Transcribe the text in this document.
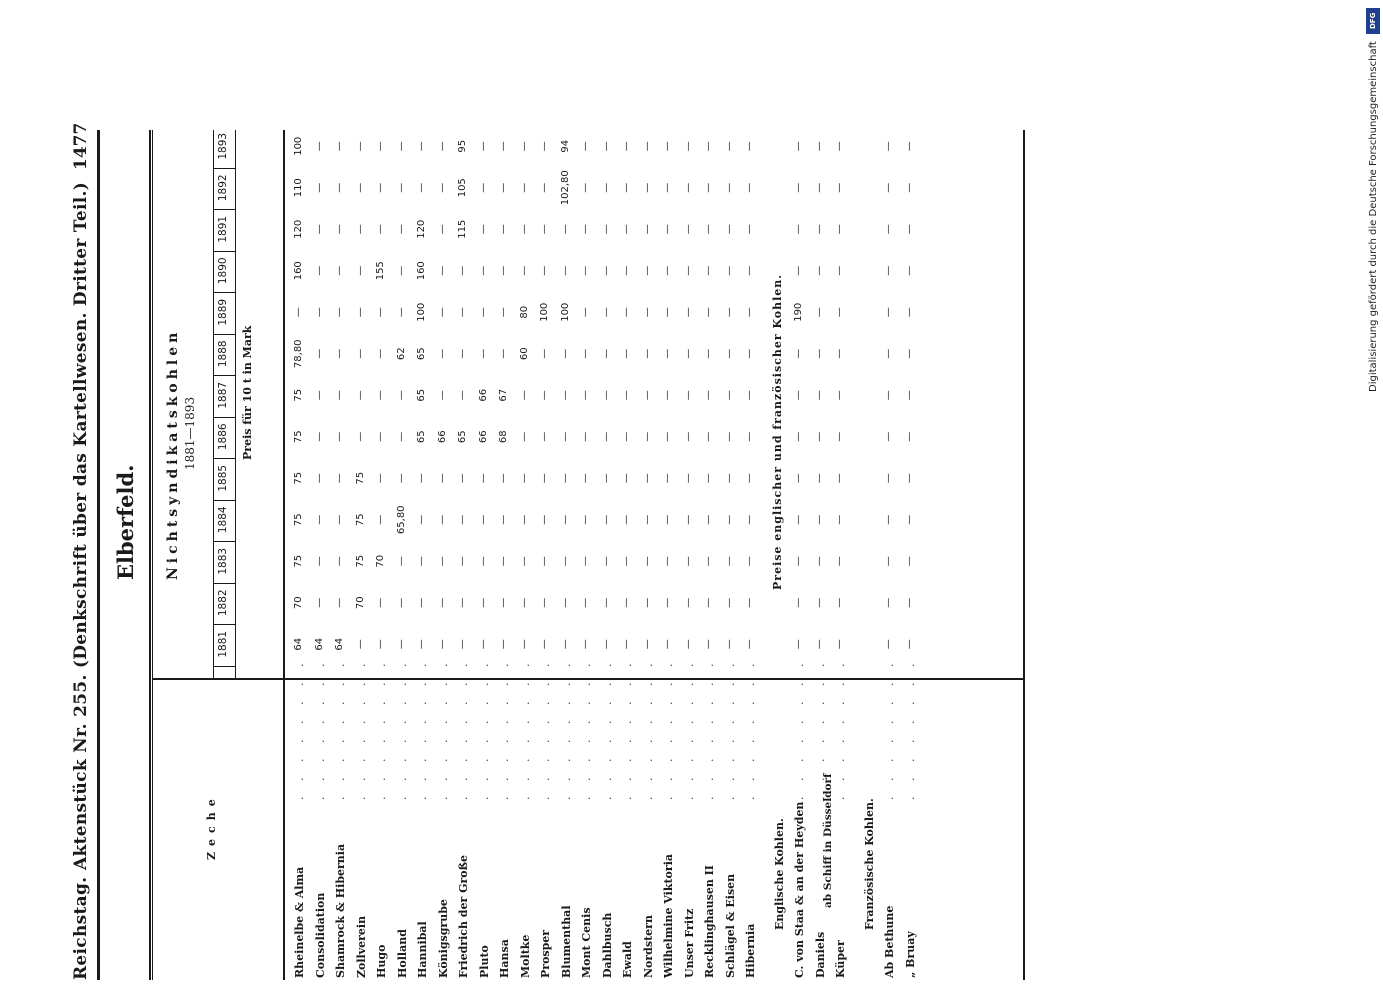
DFG
Digitalisierung gefördert durch die Deutsche Forschungsgemeinschaft
Reichstag.
Aktenstück Nr. 255. (Denkschrift über das Kartellwesen. Dritter Teil.)
1477
Elberfeld.
Zeche
Nichtsyndikatskohlen 1881—1893	Preis für 10 t in Mark
1881
1882
1883
1884
1885
1886
1887
1888
1889
1890
1891
1892
1893
Rheinelbe & Alma
. . . . . . . .
64
70
75
75
75
75
75
78,80
—
160
120
110
100
Consolidation
. . . . . . . .
64
—
—
—
—
—
—
—
—
—
—
—
—
Shamrock & Hibernia
. . . . . . . .
64
—
—
—
—
—
—
—
—
—
—
—
—
Zollverein
. . . . . . . .
—
70
75
75
75
—
—
—
—
—
—
—
—
Hugo
. . . . . . . .
—
—
70
—
—
—
—
—
—
155
—
—
—
Holland
. . . . . . . .
—
—
—
65,80
—
—
—
62
—
—
—
—
—
Hannibal
. . . . . . . .
—
—
—
—
—
65
65
65
100
160
120
—
—
Königsgrube
. . . . . . . .
—
—
—
—
—
66
—
—
—
—
—
—
—
Friedrich der Große
. . . . . . . .
—
—
—
—
—
65
—
—
—
—
115
105
95
Pluto
. . . . . . . .
—
—
—
—
—
66
66
—
—
—
—
—
—
Hansa
. . . . . . . .
—
—
—
—
—
68
67
—
—
—
—
—
—
Moltke
. . . . . . . .
—
—
—
—
—
—
—
60
80
—
—
—
—
Prosper
. . . . . . . .
—
—
—
—
—
—
—
—
100
—
—
—
—
Blumenthal
. . . . . . . .
—
—
—
—
—
—
—
—
100
—
—
102,80
94
Mont Cenis
. . . . . . . .
—
—
—
—
—
—
—
—
—
—
—
—
—
Dahlbusch
. . . . . . . .
—
—
—
—
—
—
—
—
—
—
—
—
—
Ewald
. . . . . . . .
—
—
—
—
—
—
—
—
—
—
—
—
—
Nordstern
. . . . . . . .
—
—
—
—
—
—
—
—
—
—
—
—
—
Wilhelmine Viktoria
. . . . . . . .
—
—
—
—
—
—
—
—
—
—
—
—
—
Unser Fritz
. . . . . . . .
—
—
—
—
—
—
—
—
—
—
—
—
—
Recklinghausen II
. . . . . . . .
—
—
—
—
—
—
—
—
—
—
—
—
—
Schlägel & Eisen
. . . . . . . .
—
—
—
—
—
—
—
—
—
—
—
—
—
Hibernia
. . . . . . . .
—
—
—
—
—
—
—
—
—
—
—
—
—
Englische Kohlen.
Preise englischer und französischer Kohlen.
C. von Staa & an der Heyden
. . . . . . . .
—
—
—
—
—
—
—
—
190
—
—
—
—
Daniels
. . . . . . . .
—
—
—
—
—
—
—
—
—
—
—
—
—
Küper
. . . . . . . .
—
—
—
—
—
—
—
—
—
—
—
—
—
ab Schiff in Düsseldorf	Französische Kohlen.
Ab Bethune
. . . . . . . .
—
—
—
—
—
—
—
—
—
—
—
—
—
„ Bruay
. . . . . . . .
—
—
—
—
—
—
—
—
—
—
—
—
—
